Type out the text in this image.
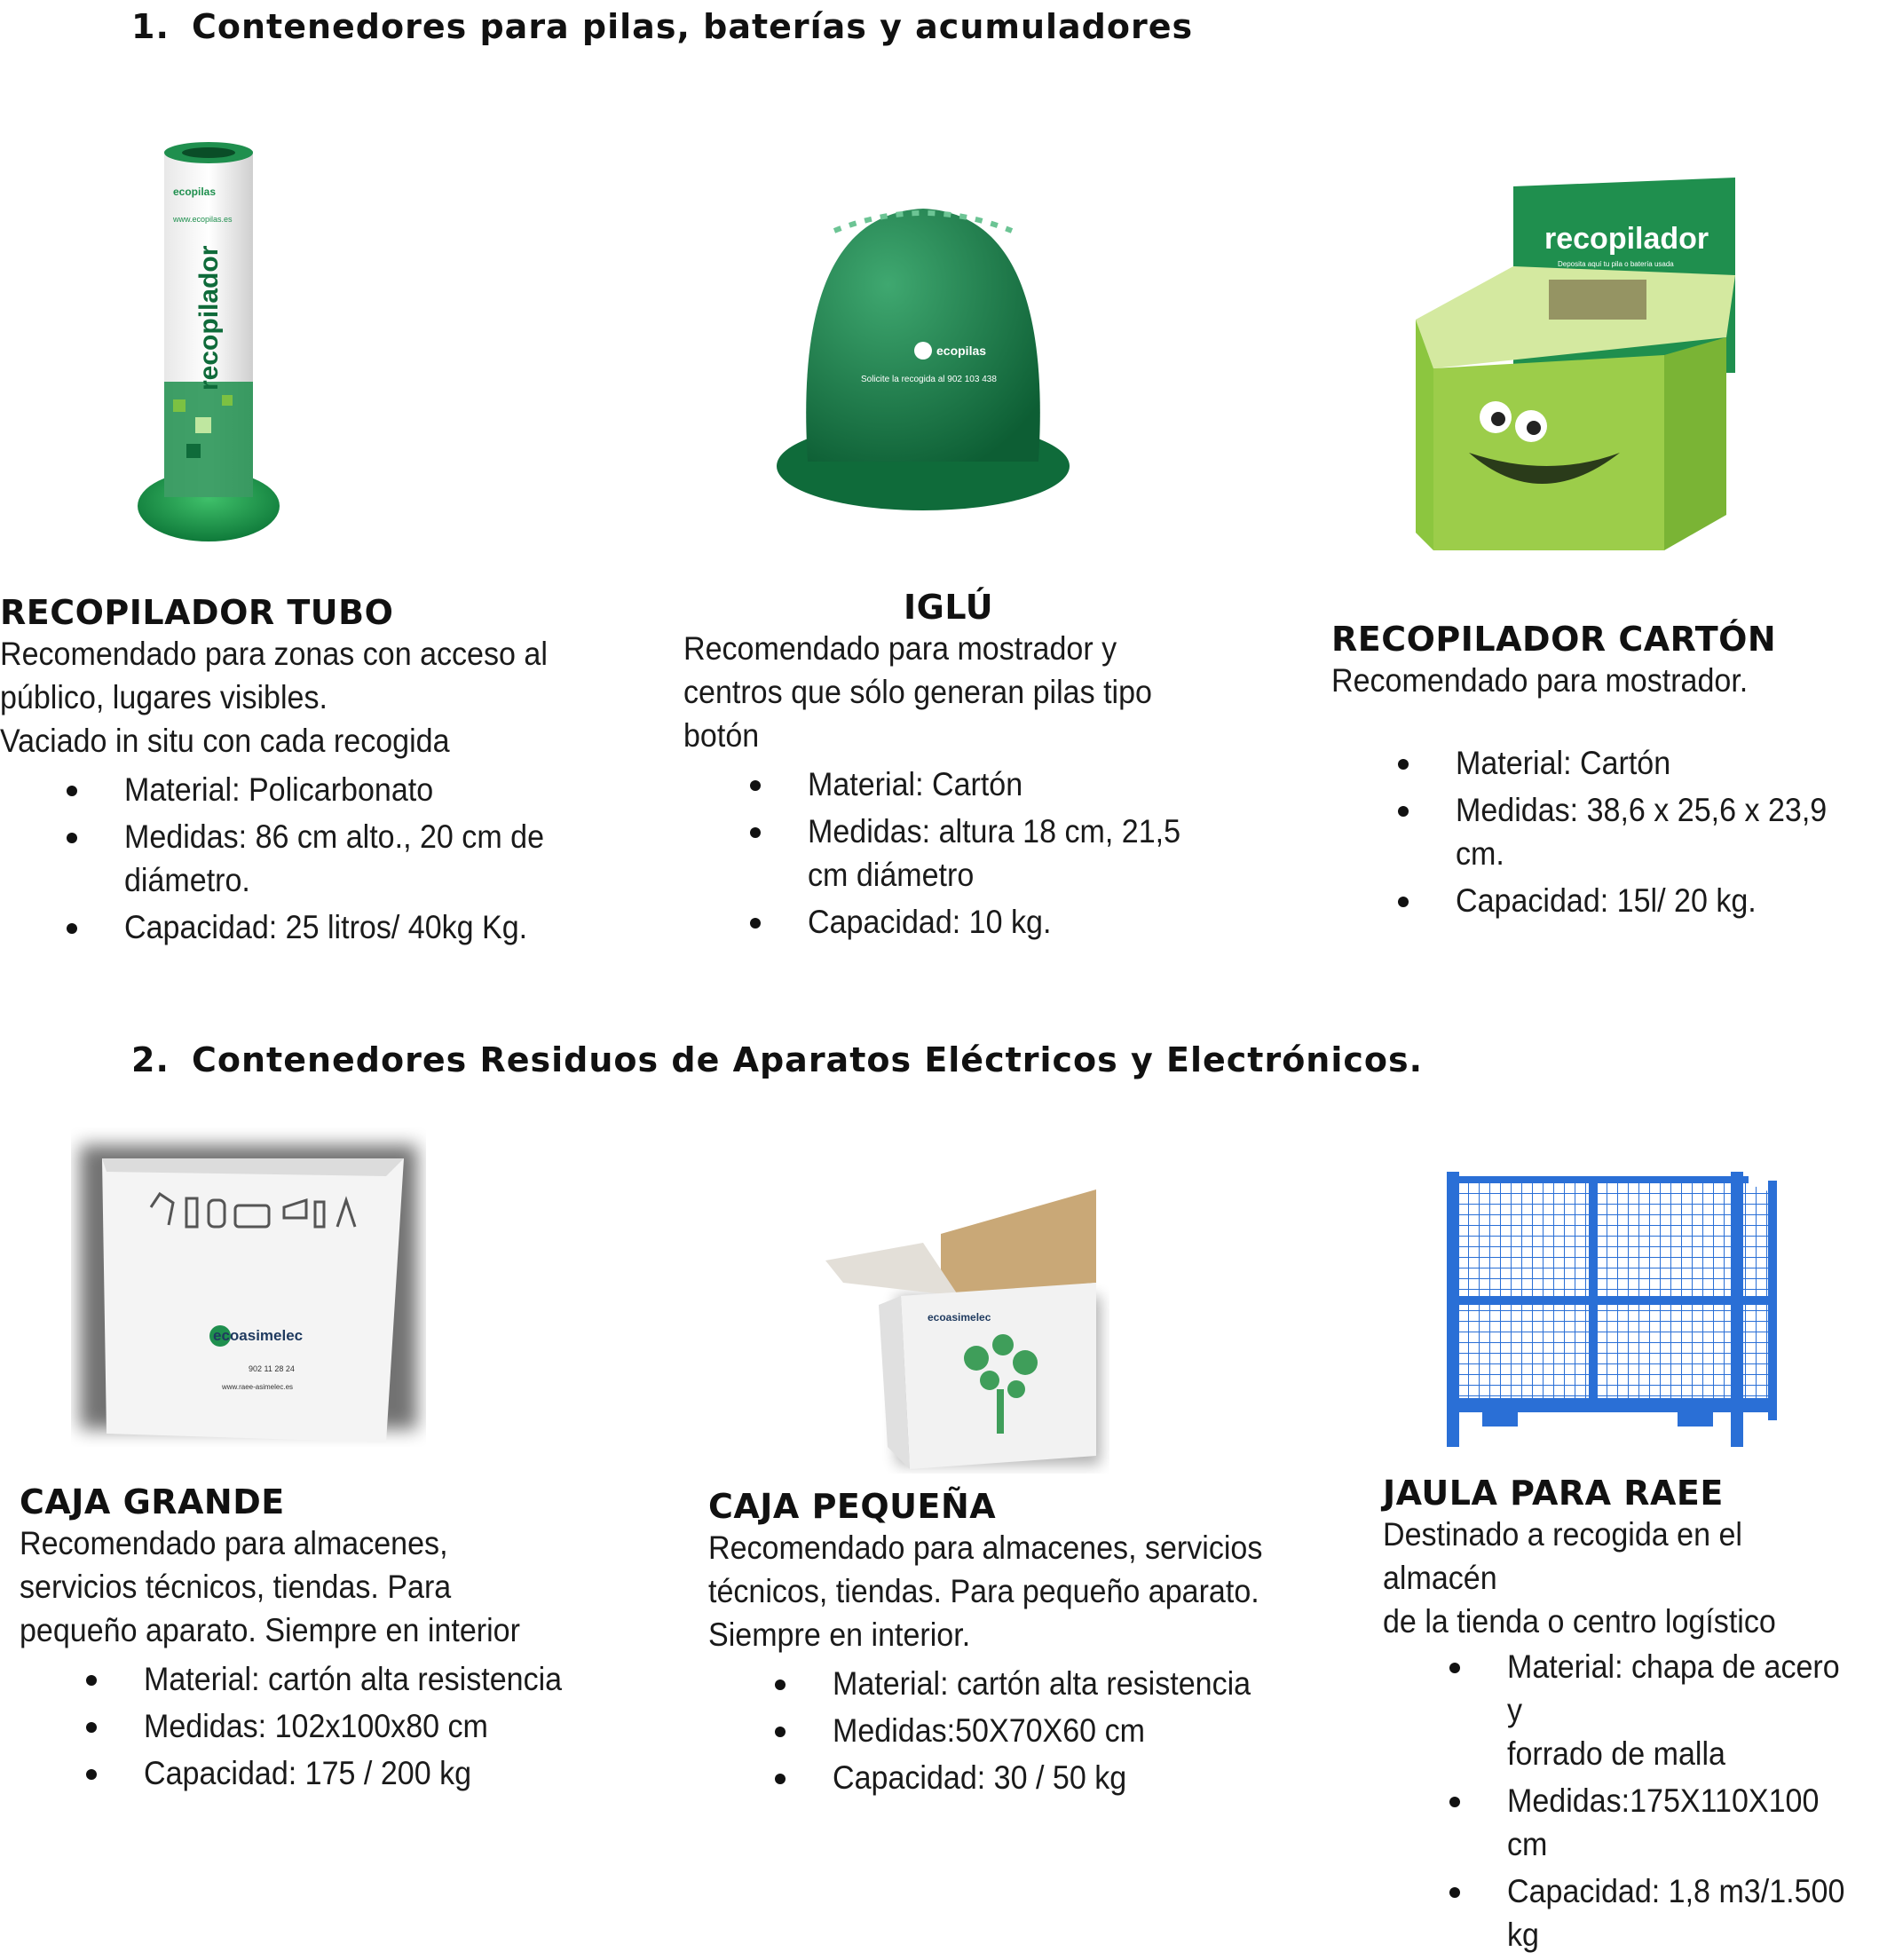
1. Contenedores para pilas, baterías y acumuladores
2. Contenedores Residuos de Aparatos Eléctricos y Electrónicos.
ecopilas
www.ecopilas.es
recopilador	ecopilas
Solicite la recogida al 902 103 438
recopilador
Deposita aquí tu pila o batería usada
RECOPILADOR TUBO

Recomendado para zonas con acceso al

público, lugares visibles.

Vaciado in situ con cada recogida

Material: Policarbonato
Medidas: 86 cm alto., 20 cm de
diámetro.
Capacidad: 25 litros/ 40kg Kg.
IGLÚ

Recomendado para mostrador y

centros que sólo generan pilas tipo

botón

Material: Cartón
Medidas: altura 18 cm, 21,5
cm diámetro
Capacidad: 10 kg.
RECOPILADOR CARTÓN

Recomendado para mostrador.

Material: Cartón
Medidas: 38,6 x 25,6 x 23,9
cm.
Capacidad: 15l/ 20 kg.
ecoasimelec
902 11 28 24
www.raee-asimelec.es
ecoasimelec
CAJA GRANDE

Recomendado para almacenes,

servicios técnicos, tiendas. Para

pequeño aparato. Siempre en interior

Material: cartón alta resistencia
Medidas: 102x100x80 cm
Capacidad: 175 / 200 kg
CAJA PEQUEÑA

Recomendado para almacenes, servicios

técnicos, tiendas. Para pequeño aparato.

Siempre en interior.

Material: cartón alta resistencia
Medidas:50X70X60 cm
Capacidad: 30 / 50 kg
JAULA PARA RAEE

Destinado a recogida en el almacén

de la tienda o centro logístico

Material: chapa de acero y
forrado de malla
Medidas:175X110X100 cm
Capacidad: 1,8 m3/1.500
kg
